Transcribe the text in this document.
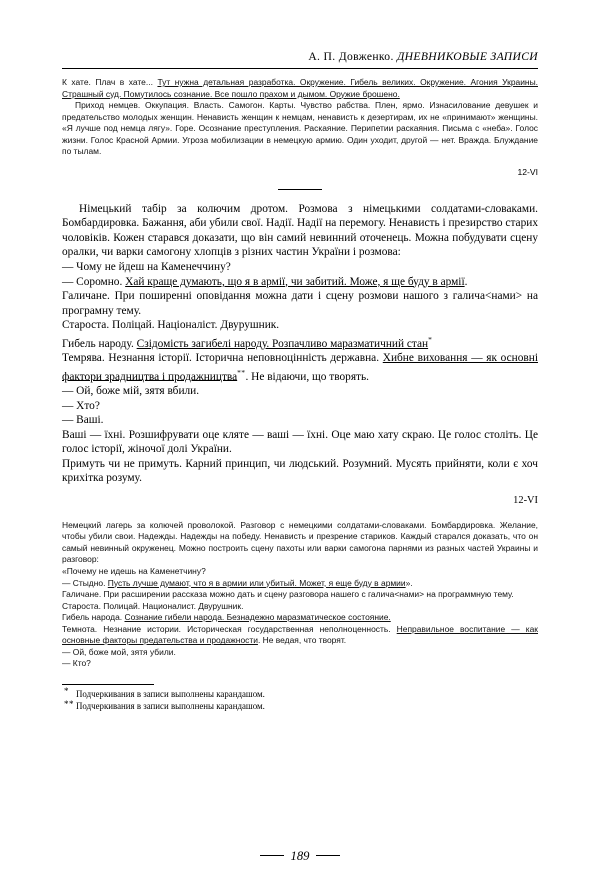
А. П. Довженко. ДНЕВНИКОВЫЕ ЗАПИСИ

К хате. Плач в хате... Тут нужна детальная разработка. Окружение. Гибель великих. Окружение. Агония Украины. Страшный суд. Помутилось сознание. Все пошло прахом и дымом. Оружие брошено.

Приход немцев. Оккупация. Власть. Самогон. Карты. Чувство рабства. Плен, ярмо. Изнасилование девушек и предательство молодых женщин. Ненависть женщин к немцам, ненависть к дезертирам, их не «принимают» женщины. «Я лучше под немца лягу». Горе. Осознание преступления. Раскаяние. Перипетии раскаяния. Письма с «неба». Голос жизни. Голос Красной Армии. Угроза мобилизации в немецкую армию. Один уходит, другой — нет. Вражда. Блуждание по тылам.

12-VI

Німецький табір за колючим дротом. Розмова з німецькими солдатами-словаками. Бомбардировка. Бажання, аби убили свої. Надії. Надії на перемогу. Ненависть і презирство старих чоловіків. Кожен старався доказати, що він самий невинний оточенець. Можна побудувати сцену оралки, чи варки самогону хлопців з різних частин України і розмова:

— Чому не йдеш на Каменеччину?

— Соромно. Хай краще думають, що я в армії, чи забитий. Може, я ще буду в армії.

Галичане. При поширенні оповідання можна дати і сцену розмови нашого з галича<нами> на програмну тему.

Староста. Поліцай. Націоналіст. Двурушник.

Гибель народу. Сзідомість загибелі народу. Розпачливо маразматичний стан*

Темрява. Незнання історії. Історична неповноцінність державна. Хибне виховання — як основні фактори зрадництва і продажництва**. Не відаючи, що творять.

— Ой, боже мій, зятя вбили.

— Хто?

— Ваші.

Ваші — їхні. Розшифрувати оце кляте — ваші — їхні. Оце маю хату скраю. Це голос століть. Це голос історії, жіночої долі України.

Примуть чи не примуть. Карний принцип, чи людський. Розумний. Мусять прийняти, коли є хоч крихітка розуму.

12-VI

Немецкий лагерь за колючей проволокой. Разговор с немецкими солдатами-словаками. Бомбардировка. Желание, чтобы убили свои. Надежды. Надежды на победу. Ненависть и презрение стариков. Каждый старался доказать, что он самый невинный окруженец. Можно построить сцену пахоты или варки самогона парнями из разных частей Украины и разговор:

«Почему не идешь на Каменетчину?

— Стыдно. Пусть лучше думают, что я в армии или убитый. Может, я еще буду в армии».

Галичане. При расширении рассказа можно дать и сцену разговора нашего с галича<нами> на программную тему.

Староста. Полицай. Националист. Двурушник.

Гибель народа. Сознание гибели народа. Безнадежно маразматическое состояние.

Темнота. Незнание истории. Историческая государственная неполноценность. Неправильное воспитание — как основные факторы предательства и продажности. Не ведая, что творят.

— Ой, боже мой, зятя убили.

— Кто?

* Подчеркивания в записи выполнены карандашом.
** Подчеркивания в записи выполнены карандашом.
189
